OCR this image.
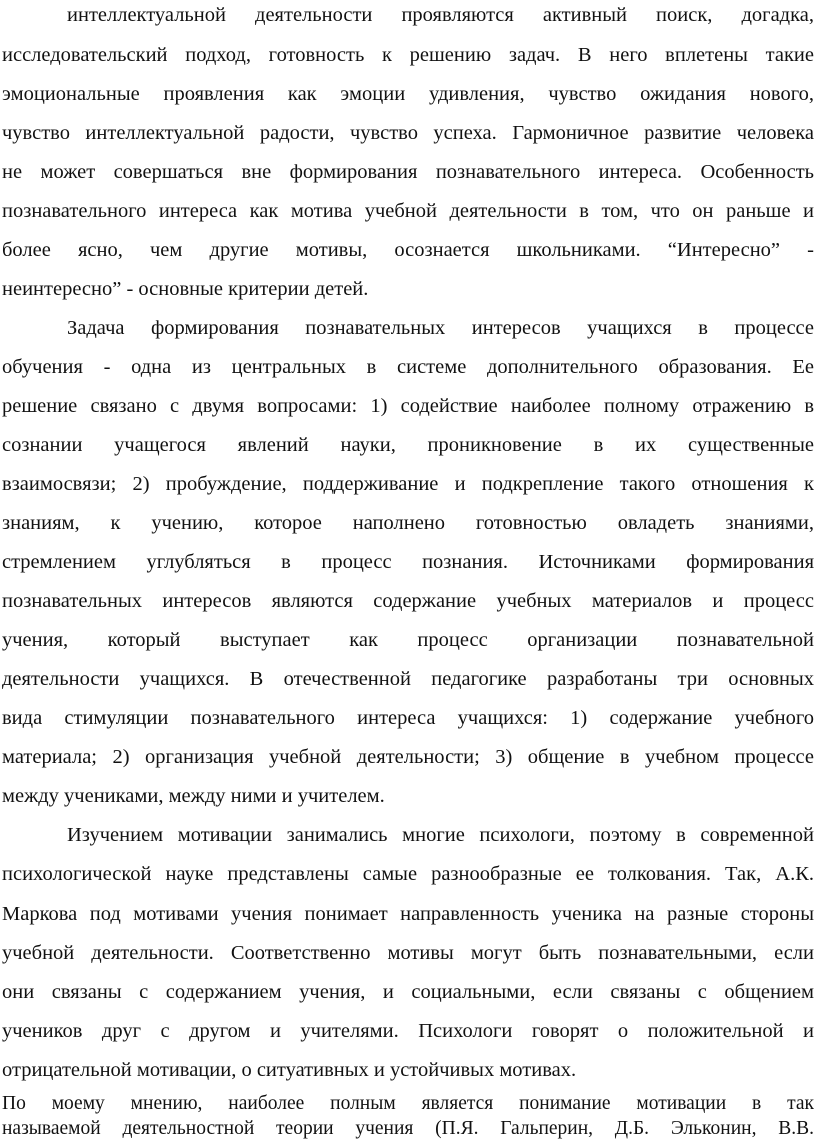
интеллектуальной деятельности проявляются активный поиск, догадка,

исследовательский подход, готовность к решению задач. В него вплетены такие

эмоциональные проявления как эмоции удивления, чувство ожидания нового,

чувство интеллектуальной радости, чувство успеха. Гармоничное развитие человека

не может совершаться вне формирования познавательного интереса. Особенность

познавательного интереса как мотива учебной деятельности в том, что он раньше и

более ясно, чем другие мотивы, осознается школьниками. “Интересно” -

неинтересно” - основные критерии детей.

Задача формирования познавательных интересов учащихся в процессе

обучения - одна из центральных в системе дополнительного образования. Ее

решение связано с двумя вопросами: 1) содействие наиболее полному отражению в

сознании учащегося явлений науки, проникновение в их существенные

взаимосвязи; 2) пробуждение, поддерживание и подкрепление такого отношения к

знаниям, к учению, которое наполнено готовностью овладеть знаниями,

стремлением углубляться в процесс познания. Источниками формирования

познавательных интересов являются содержание учебных материалов и процесс

учения, который выступает как процесс организации познавательной

деятельности учащихся. В отечественной педагогике разработаны три основных

вида стимуляции познавательного интереса учащихся: 1) содержание учебного

материала; 2) организация учебной деятельности; 3) общение в учебном процессе

между учениками, между ними и учителем.

Изучением мотивации занимались многие психологи, поэтому в современной

психологической науке представлены самые разнообразные ее толкования. Так, А.К.

Маркова под мотивами учения понимает направленность ученика на разные стороны

учебной деятельности. Соответственно мотивы могут быть познавательными, если

они связаны с содержанием учения, и социальными, если связаны с общением

учеников друг с другом и учителями. Психологи говорят о положительной и

отрицательной мотивации, о ситуативных и устойчивых мотивах.

По моему мнению, наиболее полным является понимание мотивации в так

называемой деятельностной теории учения (П.Я. Гальперин, Д.Б. Эльконин, В.В.
